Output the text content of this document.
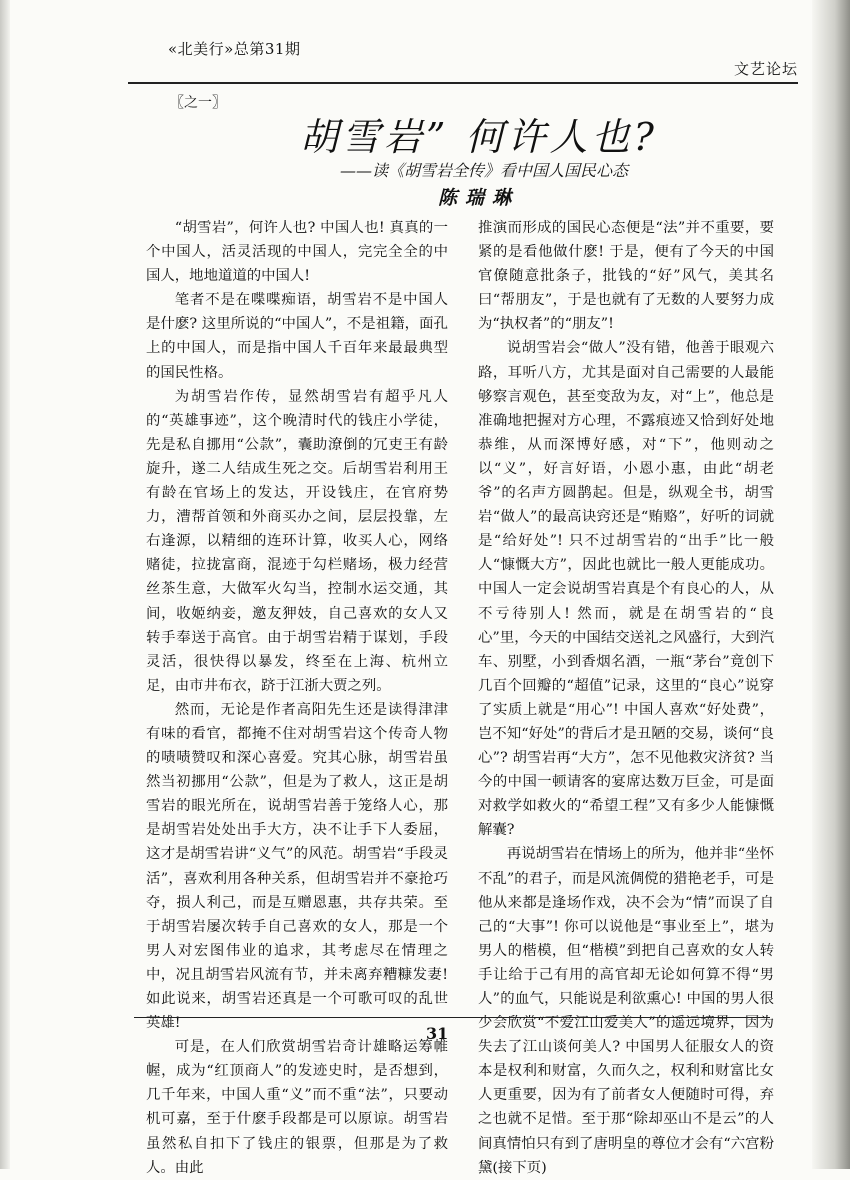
«北美行»总第31期
文艺论坛
〖之一〗
胡雪岩” 何许人也?
——读《胡雪岩全传》看中国人国民心态
陈瑞琳

“胡雪岩”，何许人也? 中国人也! 真真的一个中国人，活灵活现的中国人，完完全全的中国人，地地道道的中国人!

笔者不是在喋喋痴语，胡雪岩不是中国人是什麽? 这里所说的“中国人”，不是祖籍，面孔上的中国人，而是指中国人千百年来最最典型的国民性格。

为胡雪岩作传，显然胡雪岩有超乎凡人的“英雄事迹”，这个晚清时代的钱庄小学徒，先是私自挪用“公款”，囊助潦倒的冗吏王有龄旋升，遂二人结成生死之交。后胡雪岩利用王有龄在官场上的发达，开设钱庄，在官府势力，漕帮首领和外商买办之间，层层投靠，左右逢源，以精细的连环计算，收买人心，网络赌徒，拉拢富商，混迹于勾栏赌场，极力经营丝茶生意，大做军火勾当，控制水运交通，其间，收姬纳妾，邀友狎妓，自己喜欢的女人又转手奉送于高官。由于胡雪岩精于谋划，手段灵活，很快得以暴发，终至在上海、杭州立足，由市井布衣，跻于江浙大贾之列。

然而，无论是作者高阳先生还是读得津津有味的看官，都掩不住对胡雪岩这个传奇人物的啧啧赞叹和深心喜爱。究其心脉，胡雪岩虽然当初挪用“公款”，但是为了救人，这正是胡雪岩的眼光所在，说胡雪岩善于笼络人心，那是胡雪岩处处出手大方，决不让手下人委屈，这才是胡雪岩讲“义气”的风范。胡雪岩“手段灵活”，喜欢利用各种关系，但胡雪岩并不豪抢巧夺，损人利己，而是互赠恩惠，共存共荣。至于胡雪岩屡次转手自己喜欢的女人，那是一个男人对宏图伟业的追求，其考虑尽在情理之中，况且胡雪岩风流有节，并未离弃糟糠发妻! 如此说来，胡雪岩还真是一个可歌可叹的乱世英雄!

可是，在人们欣赏胡雪岩奇计雄略运筹帷幄，成为“红顶商人”的发迹史时，是否想到，几千年来，中国人重“义”而不重“法”，只要动机可嘉，至于什麽手段都是可以原谅。胡雪岩虽然私自扣下了钱庄的银票，但那是为了救人。由此

推演而形成的国民心态便是“法”并不重要，要紧的是看他做什麽! 于是，便有了今天的中国官僚随意批条子，批钱的“好”风气，美其名曰“帮朋友”，于是也就有了无数的人要努力成为“执权者”的“朋友”!

说胡雪岩会“做人”没有错，他善于眼观六路，耳听八方，尤其是面对自己需要的人最能够察言观色，甚至变敌为友，对“上”，他总是准确地把握对方心理，不露痕迹又恰到好处地恭维，从而深博好感，对“下”，他则动之以“义”，好言好语，小恩小惠，由此“胡老爷”的名声方圆鹊起。但是，纵观全书，胡雪岩“做人”的最高诀窍还是“贿赂”，好听的词就是“给好处”! 只不过胡雪岩的“出手”比一般人“慷慨大方”，因此也就比一般人更能成功。中国人一定会说胡雪岩真是个有良心的人，从不亏待别人! 然而，就是在胡雪岩的“良心”里，今天的中国结交送礼之风盛行，大到汽车、别墅，小到香烟名酒，一瓶“茅台”竟创下几百个回瓣的“超值”记录，这里的“良心”说穿了实质上就是“用心”! 中国人喜欢“好处费”，岂不知“好处”的背后才是丑陋的交易，谈何“良心”? 胡雪岩再“大方”，怎不见他救灾济贫? 当今的中国一顿请客的宴席达数万巨金，可是面对救学如救火的“希望工程”又有多少人能慷慨解囊?

再说胡雪岩在情场上的所为，他并非“坐怀不乱”的君子，而是风流倜傥的猎艳老手，可是他从来都是逢场作戏，决不会为“情”而误了自己的“大事”! 你可以说他是“事业至上”，堪为男人的楷模，但“楷模”到把自己喜欢的女人转手让给于己有用的高官却无论如何算不得“男人”的血气，只能说是利欲熏心! 中国的男人很少会欣赏“不爱江山爱美人”的遥远境界，因为失去了江山谈何美人? 中国男人征服女人的资本是权利和财富，久而久之，权利和财富比女人更重要，因为有了前者女人便随时可得，弃之也就不足惜。至于那“除却巫山不是云”的人间真情怕只有到了唐明皇的尊位才会有“六宫粉黛(接下页)

31
